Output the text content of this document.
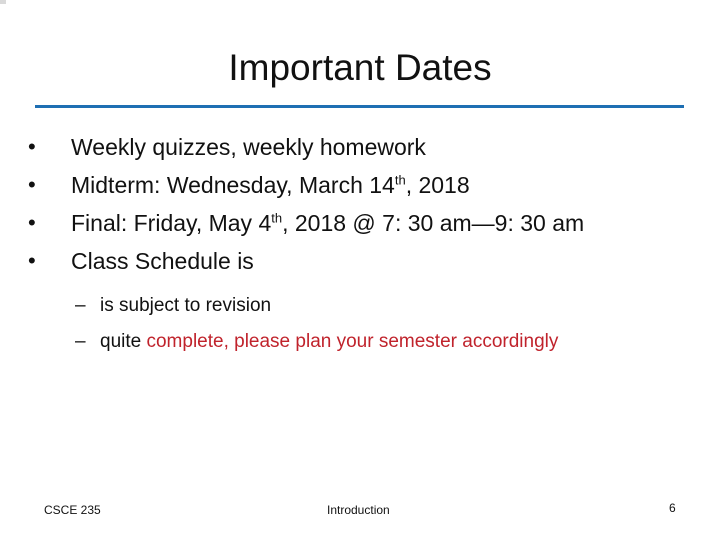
Important Dates
• Weekly quizzes, weekly homework
• Midterm: Wednesday, March 14th, 2018
• Final: Friday, May 4th, 2018 @ 7: 30 am—9: 30 am
• Class Schedule is
– is subject to revision
– quite complete, please plan your semester accordingly
CSCE 235	Introduction	6
